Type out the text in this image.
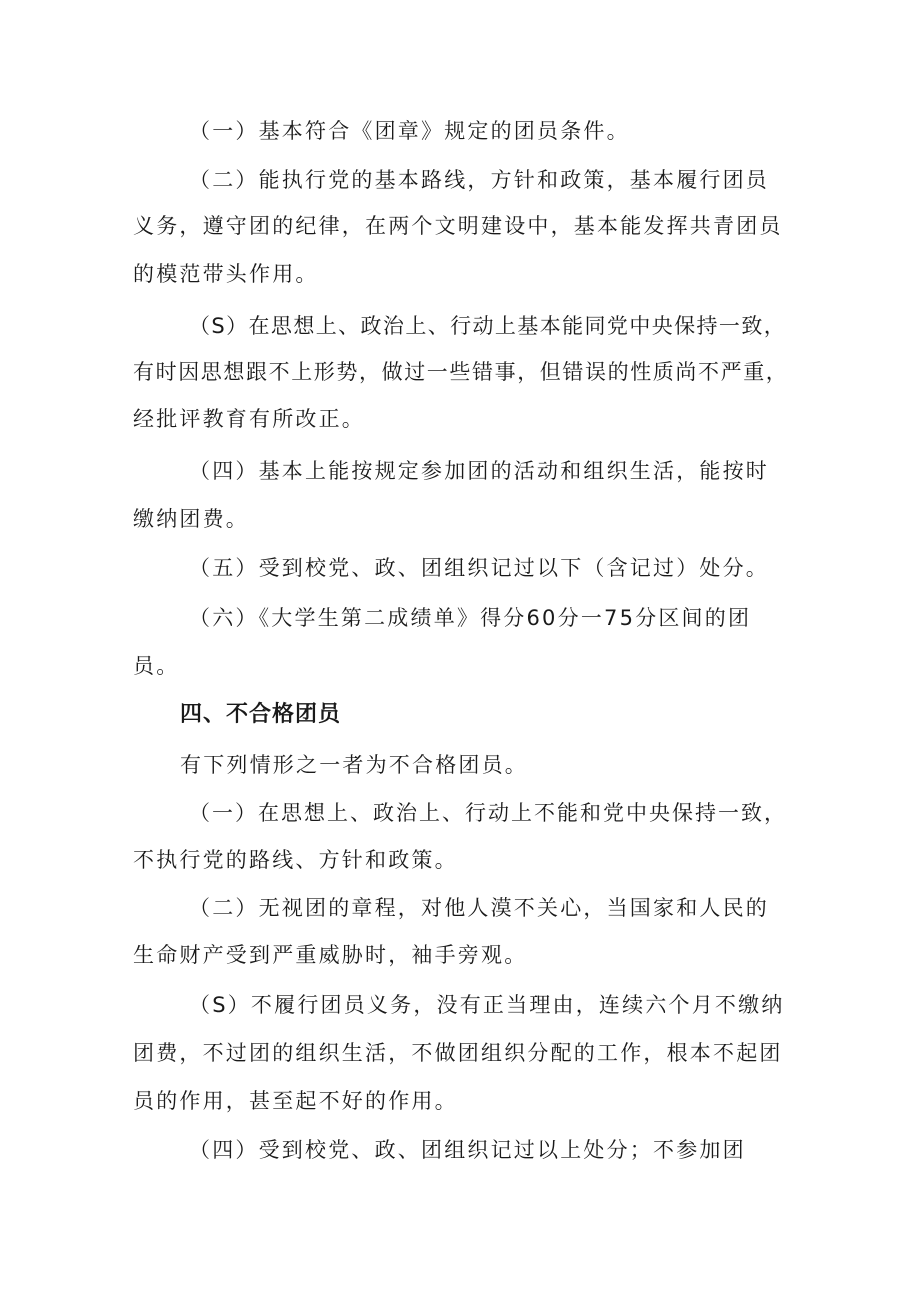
（一）基本符合《团章》规定的团员条件。
（二）能执行党的基本路线，方针和政策，基本履行团员
义务，遵守团的纪律，在两个文明建设中，基本能发挥共青团员
的模范带头作用。
（S）在思想上、政治上、行动上基本能同党中央保持一致，
有时因思想跟不上形势，做过一些错事，但错误的性质尚不严重，
经批评教育有所改正。
（四）基本上能按规定参加团的活动和组织生活，能按时
缴纳团费。
（五）受到校党、政、团组织记过以下（含记过）处分。
（六）《大学生第二成绩单》得分60分一75分区间的团
员。
四、不合格团员
有下列情形之一者为不合格团员。
（一）在思想上、政治上、行动上不能和党中央保持一致，
不执行党的路线、方针和政策。
（二）无视团的章程，对他人漠不关心，当国家和人民的
生命财产受到严重威胁时，袖手旁观。
（S）不履行团员义务，没有正当理由，连续六个月不缴纳
团费，不过团的组织生活，不做团组织分配的工作，根本不起团
员的作用，甚至起不好的作用。
（四）受到校党、政、团组织记过以上处分；不参加团
